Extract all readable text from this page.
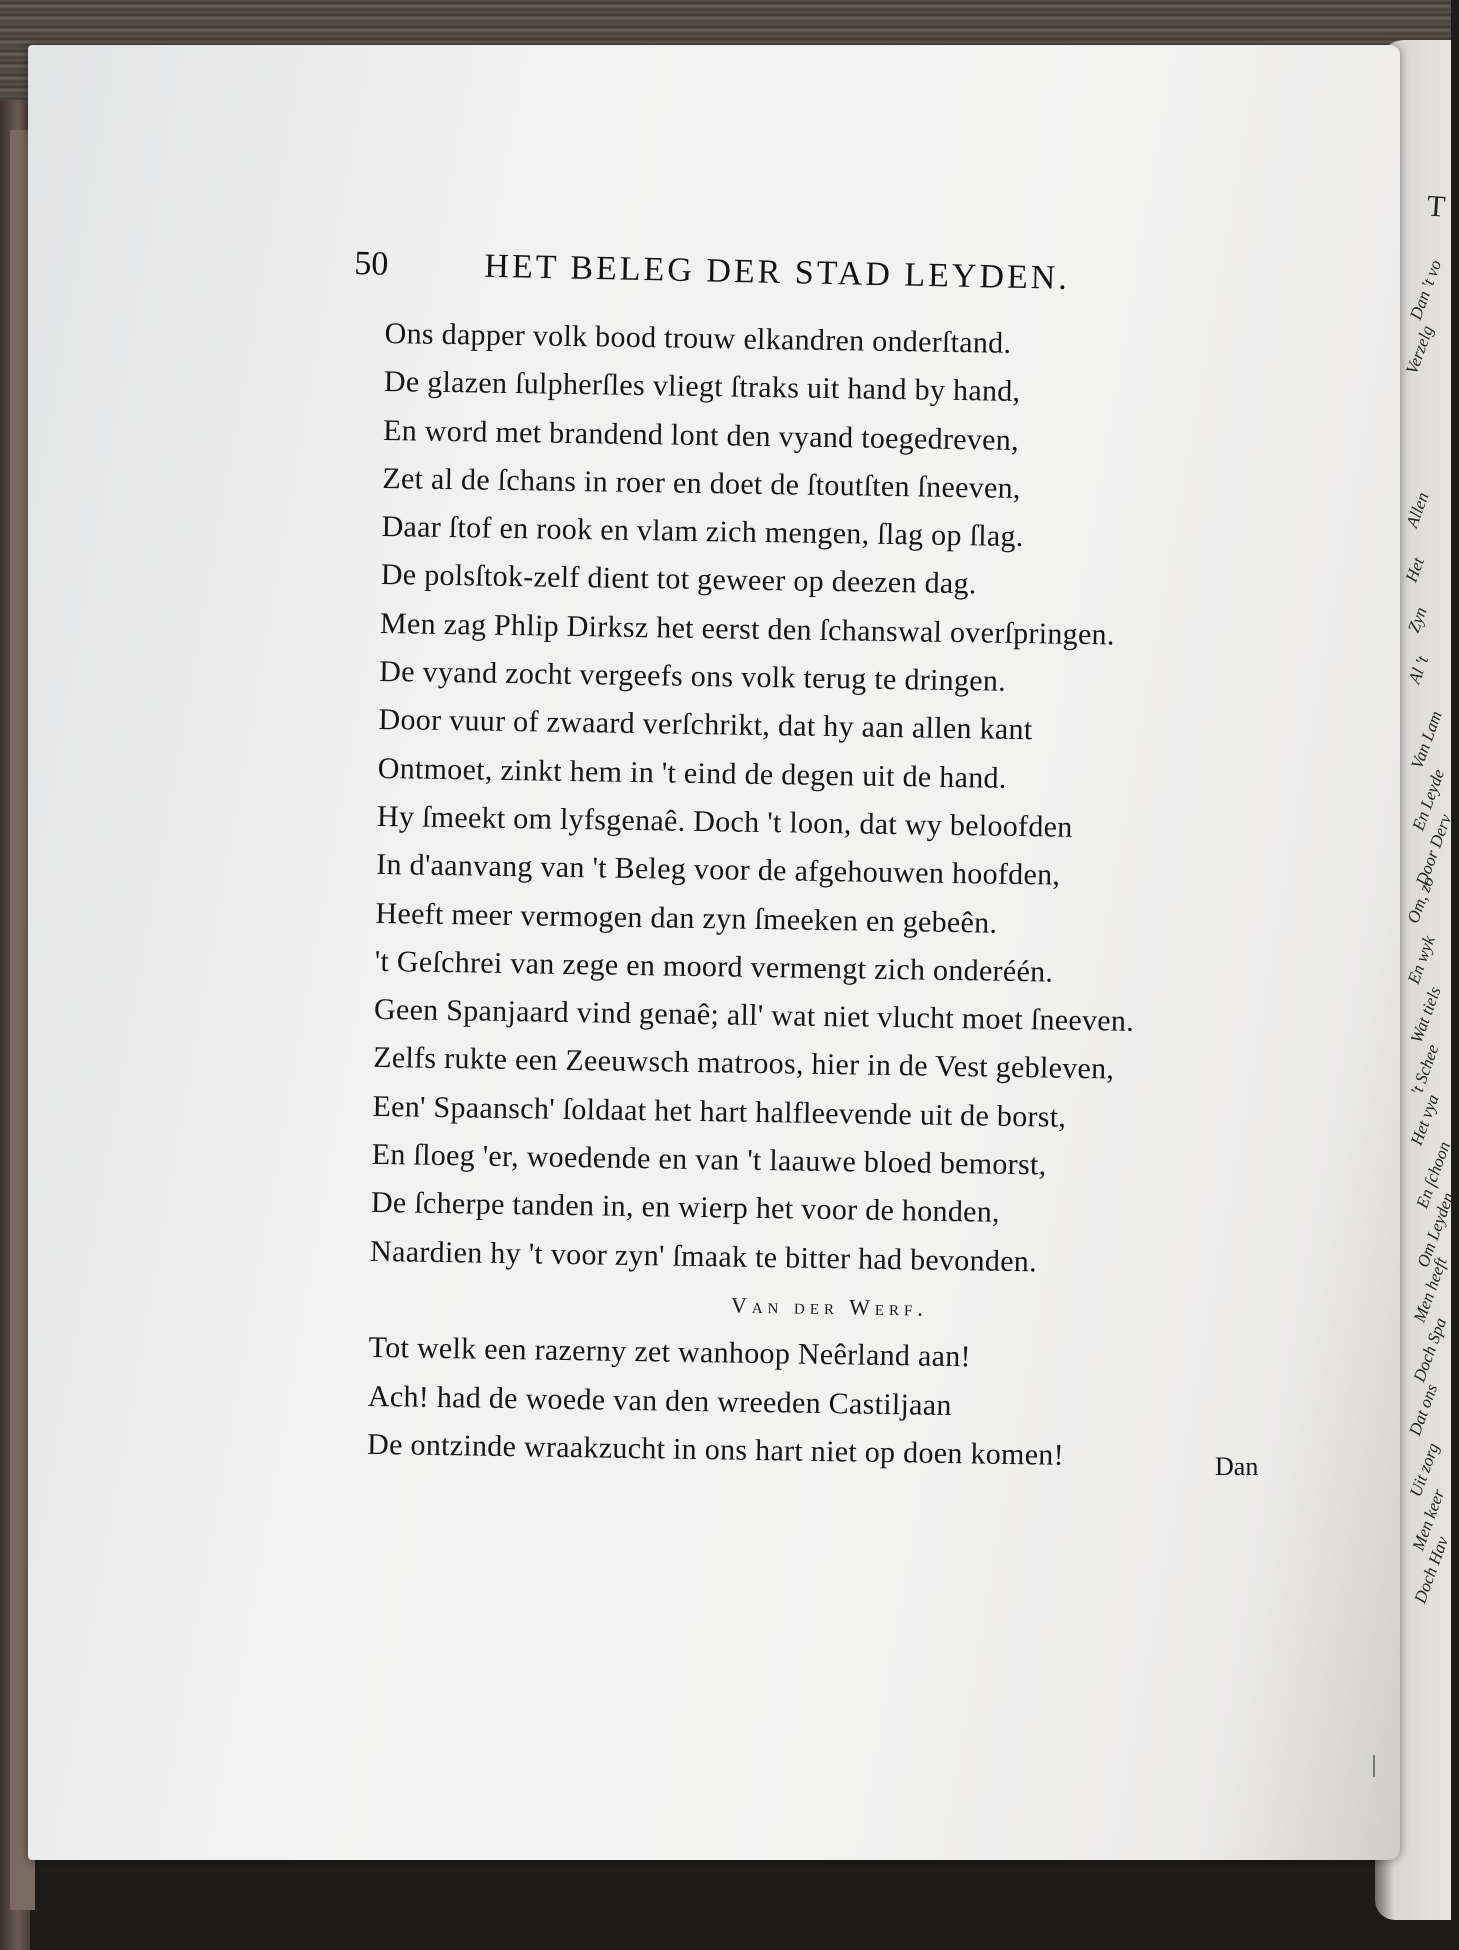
T
Dan 't vo
Verzelg
Allen
Het
Zyn
Al 't
Van Lam
En Leyde
Door Derv
Om, zo
En wyk
Wat tiels
't Schee
Het vya
En ſchoon
Om Leyden
Men heeft
Doch Spa
Dat ons
Uit zorg
Men keer
Doch Hav
50	HET BELEG DER STAD LEYDEN.
Ons dapper volk bood trouw elkandren onderſtand.
De glazen ſulpherſles vliegt ſtraks uit hand by hand,
En word met brandend lont den vyand toegedreven,
Zet al de ſchans in roer en doet de ſtoutſten ſneeven,
Daar ſtof en rook en vlam zich mengen, ſlag op ſlag.
De polsſtok-zelf dient tot geweer op deezen dag.
Men zag Phlip Dirksz het eerst den ſchanswal overſpringen.
De vyand zocht vergeefs ons volk terug te dringen.
Door vuur of zwaard verſchrikt, dat hy aan allen kant
Ontmoet, zinkt hem in 't eind de degen uit de hand.
Hy ſmeekt om lyfsgenaê. Doch 't loon, dat wy beloofden
In d'aanvang van 't Beleg voor de afgehouwen hoofden,
Heeft meer vermogen dan zyn ſmeeken en gebeên.
't Geſchrei van zege en moord vermengt zich onderéén.
Geen Spanjaard vind genaê; all' wat niet vlucht moet ſneeven.
Zelfs rukte een Zeeuwsch matroos, hier in de Vest gebleven,
Een' Spaansch' ſoldaat het hart halfleevende uit de borst,
En ſloeg 'er, woedende en van 't laauwe bloed bemorst,
De ſcherpe tanden in, en wierp het voor de honden,
Naardien hy 't voor zyn' ſmaak te bitter had bevonden.
Van der Werf.
Tot welk een razerny zet wanhoop Neêrland aan!
Ach! had de woede van den wreeden Castiljaan
De ontzinde wraakzucht in ons hart niet op doen komen!	Dan
